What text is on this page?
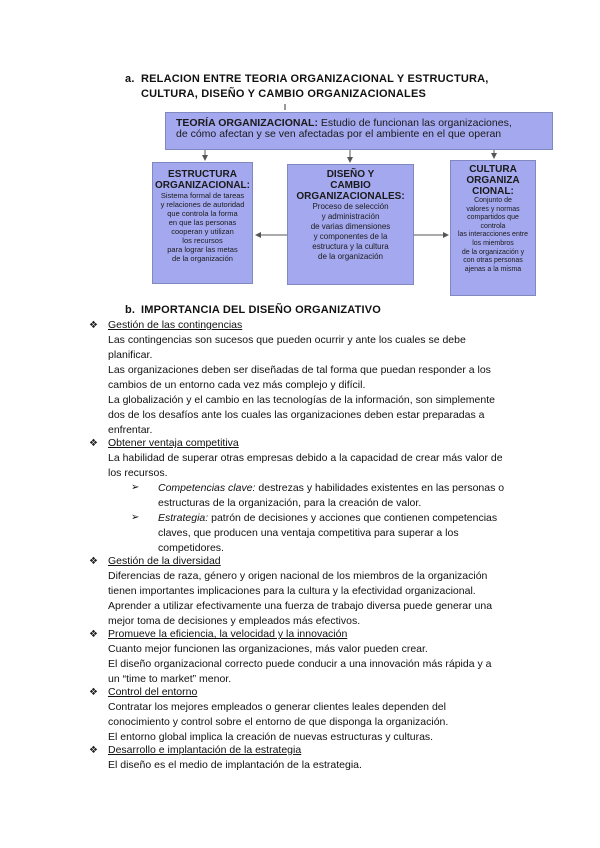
a. RELACION ENTRE TEORIA ORGANIZACIONAL Y ESTRUCTURA,
CULTURA, DISEÑO Y CAMBIO ORGANIZACIONALES
TEORÍA ORGANIZACIONAL: Estudio de funcionan las organizaciones,
de cómo afectan y se ven afectadas por el ambiente en el que operan
ESTRUCTURA
ORGANIZACIONAL:
Sistema formal de tareas
y relaciones de autoridad
que controla la forma
en que las personas
cooperan y utilizan
los recursos
para lograr las metas
de la organización
DISEÑO Y
CAMBIO
ORGANIZACIONALES:
Proceso de selección
y administración
de varias dimensiones
y componentes de la
estructura y la cultura
de la organización
CULTURA
ORGANIZA
CIONAL:
Conjunto de
valores y normas
compartidos que
controla
las interacciones entre
los miembros
de la organización y
con otras personas
ajenas a la misma
b. IMPORTANCIA DEL DISEÑO ORGANIZATIVO
❖ Gestión de las contingencias
Las contingencias son sucesos que pueden ocurrir y ante los cuales se debe
planificar.
Las organizaciones deben ser diseñadas de tal forma que puedan responder a los
cambios de un entorno cada vez más complejo y difícil.
La globalización y el cambio en las tecnologías de la información, son simplemente
dos de los desafíos ante los cuales las organizaciones deben estar preparadas a
enfrentar.
❖ Obtener ventaja competitiva
La habilidad de superar otras empresas debido a la capacidad de crear más valor de
los recursos.
➢ Competencias clave: destrezas y habilidades existentes en las personas o
estructuras de la organización, para la creación de valor.
➢ Estrategia: patrón de decisiones y acciones que contienen competencias
claves, que producen una ventaja competitiva para superar a los
competidores.
❖ Gestión de la diversidad
Diferencias de raza, género y origen nacional de los miembros de la organización
tienen importantes implicaciones para la cultura y la efectividad organizacional.
Aprender a utilizar efectivamente una fuerza de trabajo diversa puede generar una
mejor toma de decisiones y empleados más efectivos.
❖ Promueve la eficiencia, la velocidad y la innovación
Cuanto mejor funcionen las organizaciones, más valor pueden crear.
El diseño organizacional correcto puede conducir a una innovación más rápida y a
un “time to market” menor.
❖ Control del entorno
Contratar los mejores empleados o generar clientes leales dependen del
conocimiento y control sobre el entorno de que disponga la organización.
El entorno global implica la creación de nuevas estructuras y culturas.
❖ Desarrollo e implantación de la estrategia
El diseño es el medio de implantación de la estrategia.
